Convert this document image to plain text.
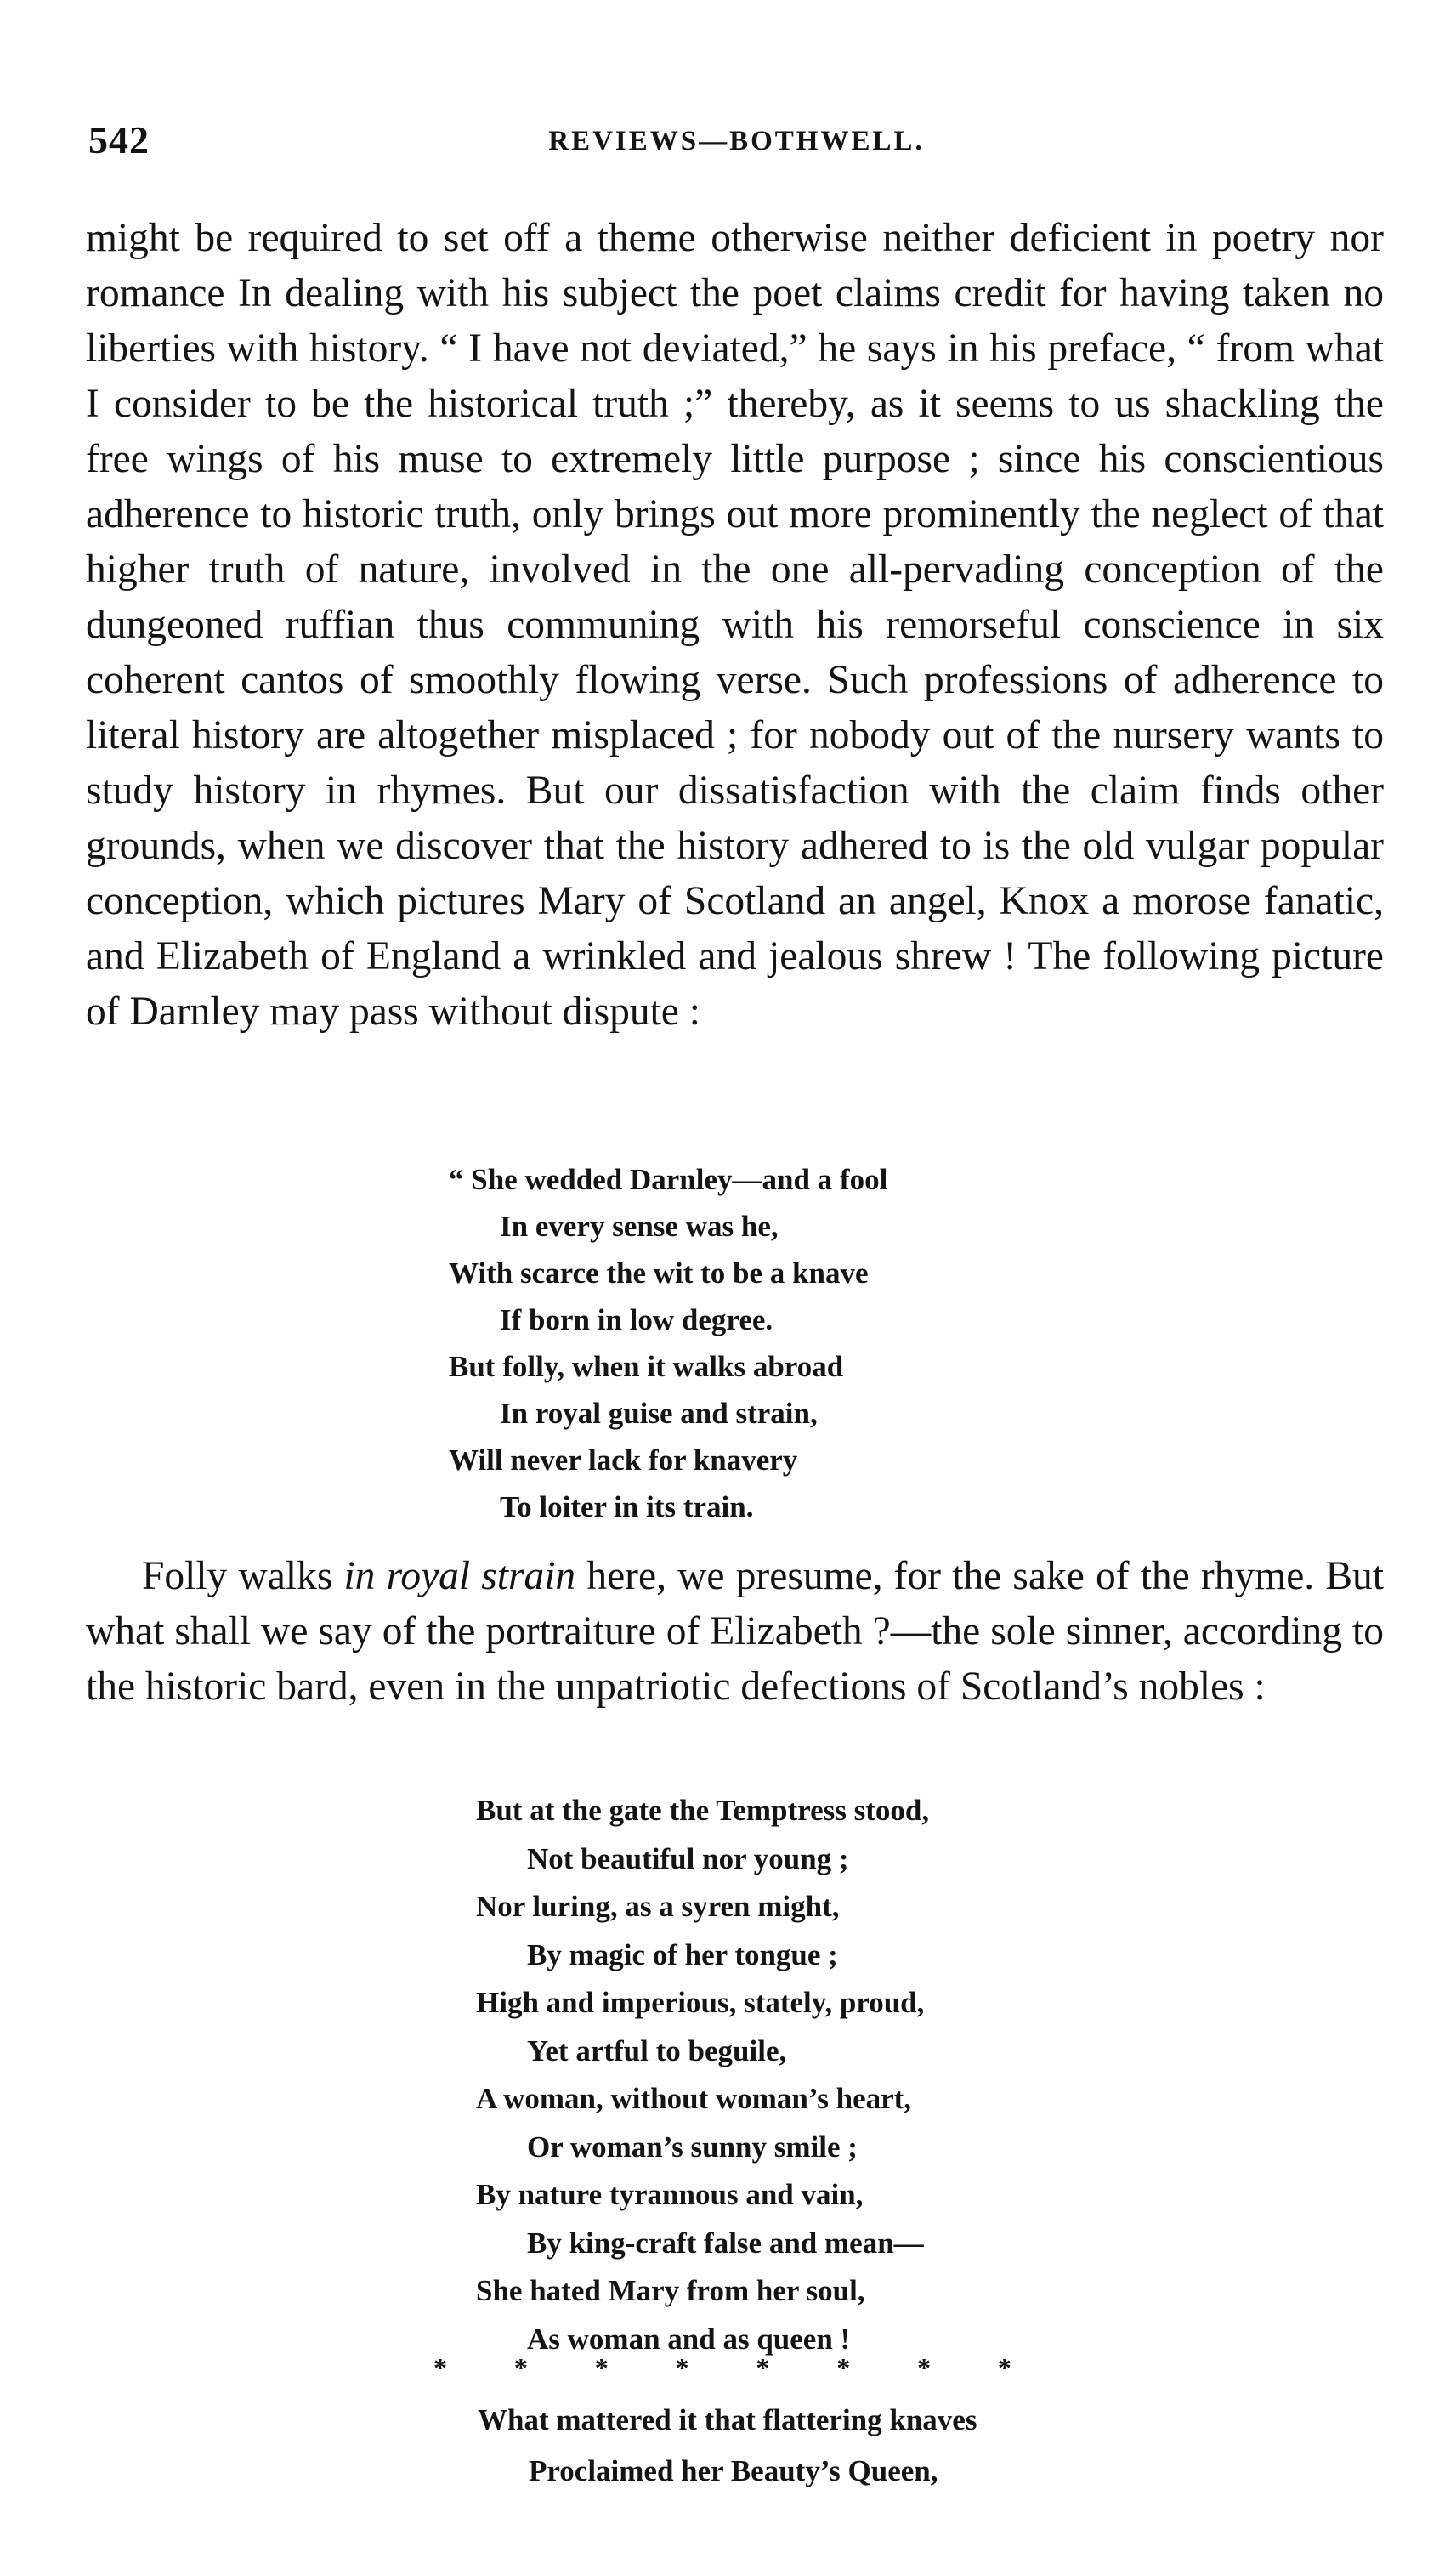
542	REVIEWS—BOTHWELL.

might be required to set off a theme otherwise neither deficient in poetry nor romance In dealing with his subject the poet claims credit for having taken no liberties with history. “ I have not deviated,” he says in his preface, “ from what I consider to be the historical truth ;” thereby, as it seems to us shackling the free wings of his muse to extremely little purpose ; since his conscientious adherence to historic truth, only brings out more prominently the neglect of that higher truth of nature, involved in the one all-pervading conception of the dungeoned ruffian thus communing with his remorseful conscience in six coherent cantos of smoothly flowing verse. Such professions of adherence to literal history are altogether misplaced ; for nobody out of the nursery wants to study history in rhymes. But our dissatisfaction with the claim finds other grounds, when we discover that the history adhered to is the old vulgar popular conception, which pictures Mary of Scotland an angel, Knox a morose fanatic, and Elizabeth of England a wrinkled and jealous shrew ! The following picture of Darnley may pass without dispute :

“ She wedded Darnley—and a fool
In every sense was he,
With scarce the wit to be a knave
If born in low degree.
But folly, when it walks abroad
In royal guise and strain,
Will never lack for knavery
To loiter in its train.

Folly walks in royal strain here, we presume, for the sake of the rhyme. But what shall we say of the portraiture of Elizabeth ?—the sole sinner, according to the historic bard, even in the unpatriotic defections of Scotland’s nobles :

But at the gate the Temptress stood,
Not beautiful nor young ;
Nor luring, as a syren might,
By magic of her tongue ;
High and imperious, stately, proud,
Yet artful to beguile,
A woman, without woman’s heart,
Or woman’s sunny smile ;
By nature tyrannous and vain,
By king-craft false and mean—
She hated Mary from her soul,
As woman and as queen !
* * * * * * * *
What mattered it that flattering knaves
Proclaimed her Beauty’s Queen,
